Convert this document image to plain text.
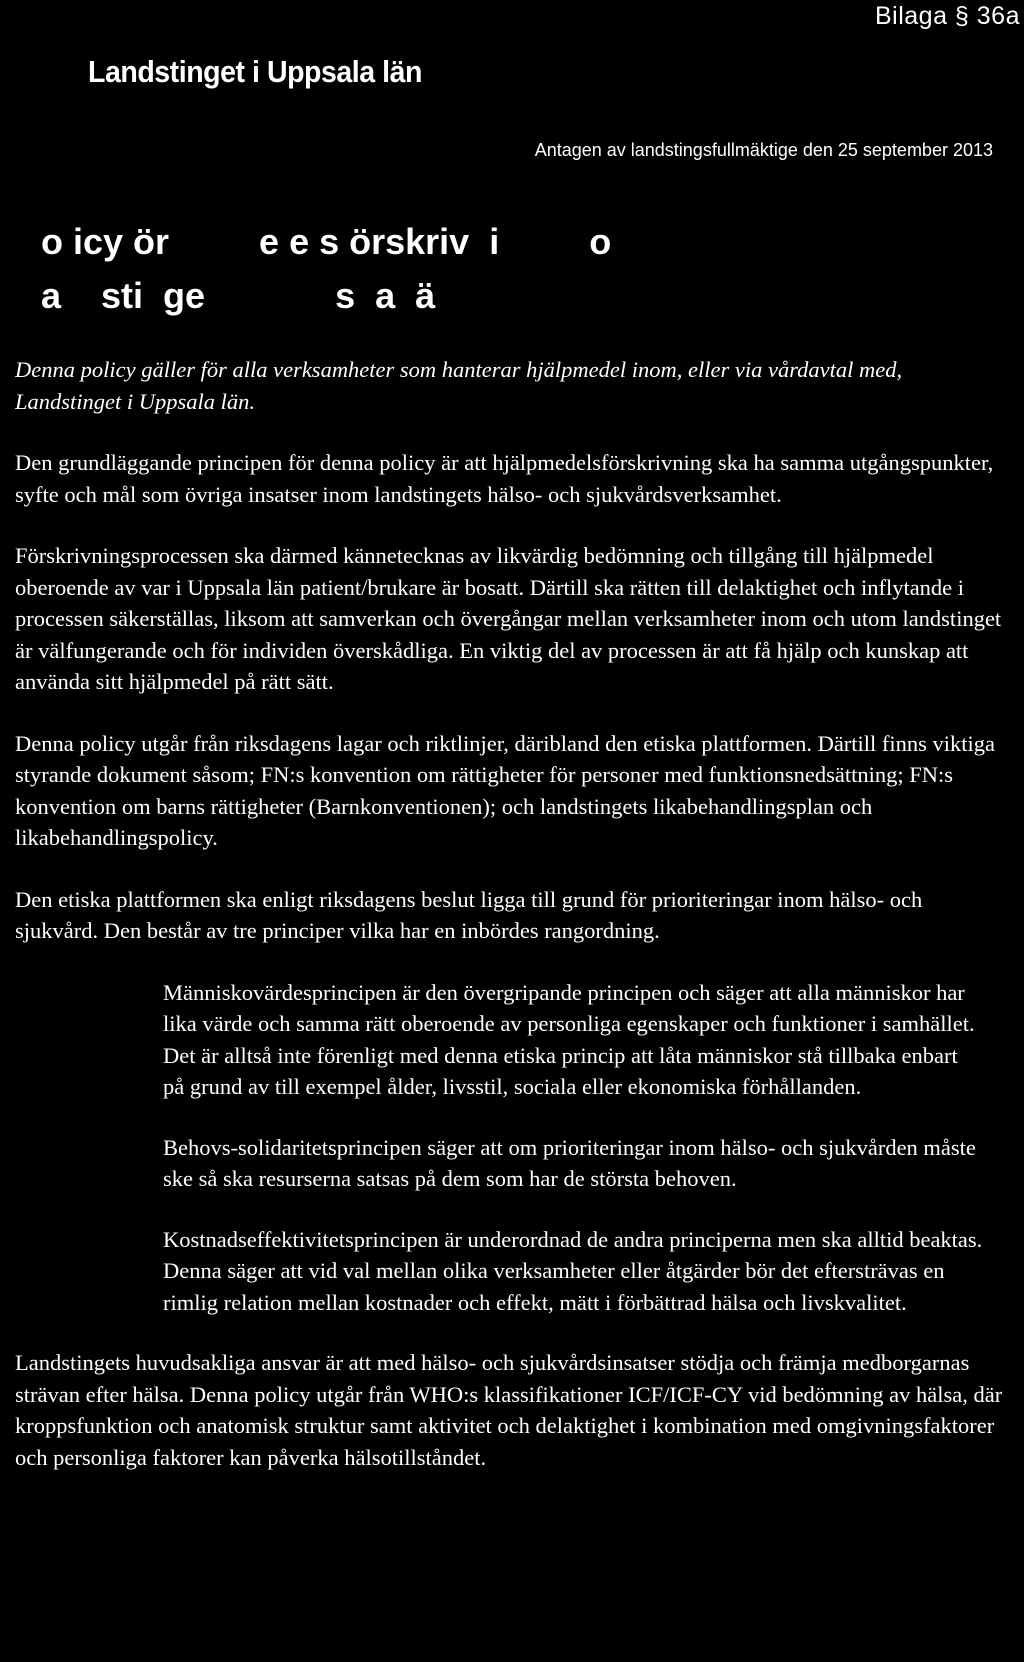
Bilaga § 36a
Landstinget i Uppsala län
Antagen av landstingsfullmäktige den 25 september 2013
o icy ör         e e s örskriv  i         o
a    sti  ge             s  a  ä

Denna policy gäller för alla verksamheter som hanterar hjälpmedel inom, eller via vårdavtal med, Landstinget i Uppsala län.

Den grundläggande principen för denna policy är att hjälpmedelsförskrivning ska ha samma utgångspunkter, syfte och mål som övriga insatser inom landstingets hälso- och sjukvårdsverksamhet.

Förskrivningsprocessen ska därmed kännetecknas av likvärdig bedömning och tillgång till hjälpmedel oberoende av var i Uppsala län patient/brukare är bosatt. Därtill ska rätten till delaktighet och inflytande i processen säkerställas, liksom att samverkan och övergångar mellan verksamheter inom och utom landstinget är välfungerande och för individen överskådliga. En viktig del av processen är att få hjälp och kunskap att använda sitt hjälpmedel på rätt sätt.

Denna policy utgår från riksdagens lagar och riktlinjer, däribland den etiska plattformen. Därtill finns viktiga styrande dokument såsom; FN:s konvention om rättigheter för personer med funktionsnedsättning; FN:s konvention om barns rättigheter (Barnkonventionen); och landstingets likabehandlingsplan och likabehandlingspolicy.

Den etiska plattformen ska enligt riksdagens beslut ligga till grund för prioriteringar inom hälso- och sjukvård. Den består av tre principer vilka har en inbördes rangordning.

Människovärdesprincipen är den övergripande principen och säger att alla människor har lika värde och samma rätt oberoende av personliga egenskaper och funktioner i samhället. Det är alltså inte förenligt med denna etiska princip att låta människor stå tillbaka enbart på grund av till exempel ålder, livsstil, sociala eller ekonomiska förhållanden.

Behovs-solidaritetsprincipen säger att om prioriteringar inom hälso- och sjukvården måste ske så ska resurserna satsas på dem som har de största behoven.

Kostnadseffektivitetsprincipen är underordnad de andra principerna men ska alltid beaktas. Denna säger att vid val mellan olika verksamheter eller åtgärder bör det eftersträvas en rimlig relation mellan kostnader och effekt, mätt i förbättrad hälsa och livskvalitet.

Landstingets huvudsakliga ansvar är att med hälso- och sjukvårdsinsatser stödja och främja medborgarnas strävan efter hälsa. Denna policy utgår från WHO:s klassifikationer ICF/ICF-CY vid bedömning av hälsa, där kroppsfunktion och anatomisk struktur samt aktivitet och delaktighet i kombination med omgivningsfaktorer och personliga faktorer kan påverka hälsotillståndet.
